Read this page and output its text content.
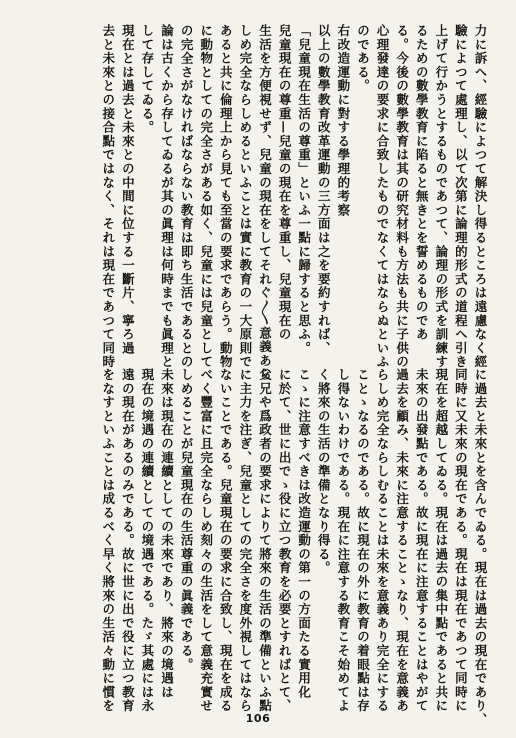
力に訴へ、經驗によつて解決し得るところは遠慮なく經
驗によつて處理し、以て次第に論理的形式の道程へ引き
上げて行かうとするものであつて、論理の形式を訓練す
るための數學教育に陷ると無きとを誓めるものであ
る。今後の數學教育は其の研究材料も方法も共に子供の
心理發達の要求に合致したものでなくてはならぬといふ
のである。
右改造運動に對する學理的考察
以上の數學教育改革運動の三方面は之を要約すれば、
「兒童現在生活の尊重」といふ一點に歸すると思ふ。
兒童現在の尊重—兒童の現在を尊重し、兒童現在の
生活を方便視せず、兒童の現在をしてそれぐ〳〵意義あら
しめ完全ならしめるといふことは實に教育の一大原則で
あると共に倫理上から見ても至當の要求であらう。動物
に動物としての完全さがある如く、兒童には兒童として
の完全さがなければならない教育は即ち生活であるとの
論は古くから存してゐるが其の眞理は何時までも眞理と
して存してゐる。
現在とは過去と未來との中間に位する一斷片、寧ろ過
去と未來との接合點ではなく、それは現在であつて同時
に過去と未來とを含んでゐる。現在は過去の現在であり、
同時に又未來の現在である。現在は現在であつて同時に
現在を超越してゐる。現在は過去の集中點であると共に
未來の出發點である。故に現在に注意することはやがて
過去を顧み、未來に注意することゝなり、現在を意義あ
らしめ完全ならしむることは未來を意義あり完全にする
ことゝなるのである。故に現在の外に教育の着眼點は存
し得ないわけである。現在に注意する教育こそ始めてよ
く將來の生活の準備となり得る。
こゝに注意すべきは改造運動の第一の方面たる實用化
に於て、世に出でゝ役に立つ教育を必要とすればとて、
父兄や爲政者の要求によりて將來の生活の準備といふ點
に主力を注ぎ、兒童としての完全さを度外視してはなら
ないことである。兒童現在の要求に合致し、現在を成る
べく豐富に且完全ならしめ刻々の生活をして意義充實せ
しめることが兒童現在の生活尊重の眞義である。
未來は現在の連續としての未來であり、將來の境遇は
現在の境遇の連續としての境遇である。たゞ其處には永
遠の現在があるのみである。故に世に出で役に立つ教育
をなすといふことは成るべく早く將來の生活々動に慣を
106
